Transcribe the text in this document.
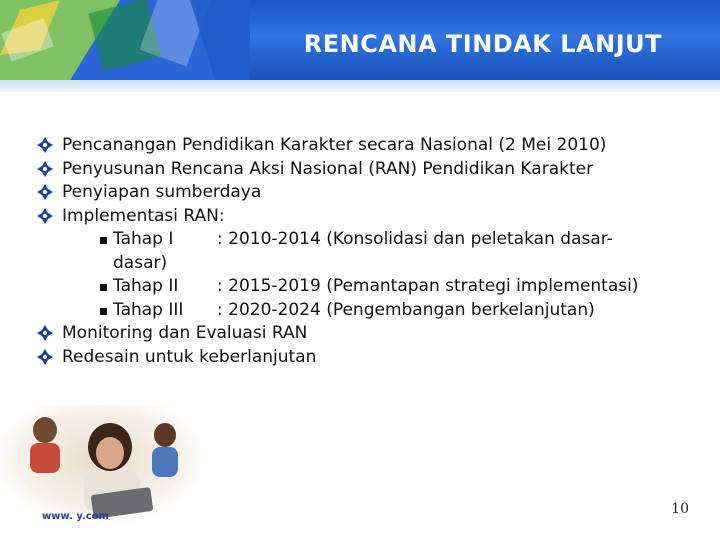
RENCANA TINDAK LANJUT
Pencanangan Pendidikan Karakter secara Nasional (2 Mei 2010)
Penyusunan Rencana Aksi Nasional (RAN) Pendidikan Karakter
Penyiapan sumberdaya
Implementasi RAN:
Tahap I	: 2010-2014 (Konsolidasi dan peletakan dasar-
dasar)
Tahap II : 2015-2019 (Pemantapan strategi implementasi)
Tahap III : 2020-2024 (Pengembangan berkelanjutan)
Monitoring dan Evaluasi RAN
Redesain untuk keberlanjutan
www. y.com	10
